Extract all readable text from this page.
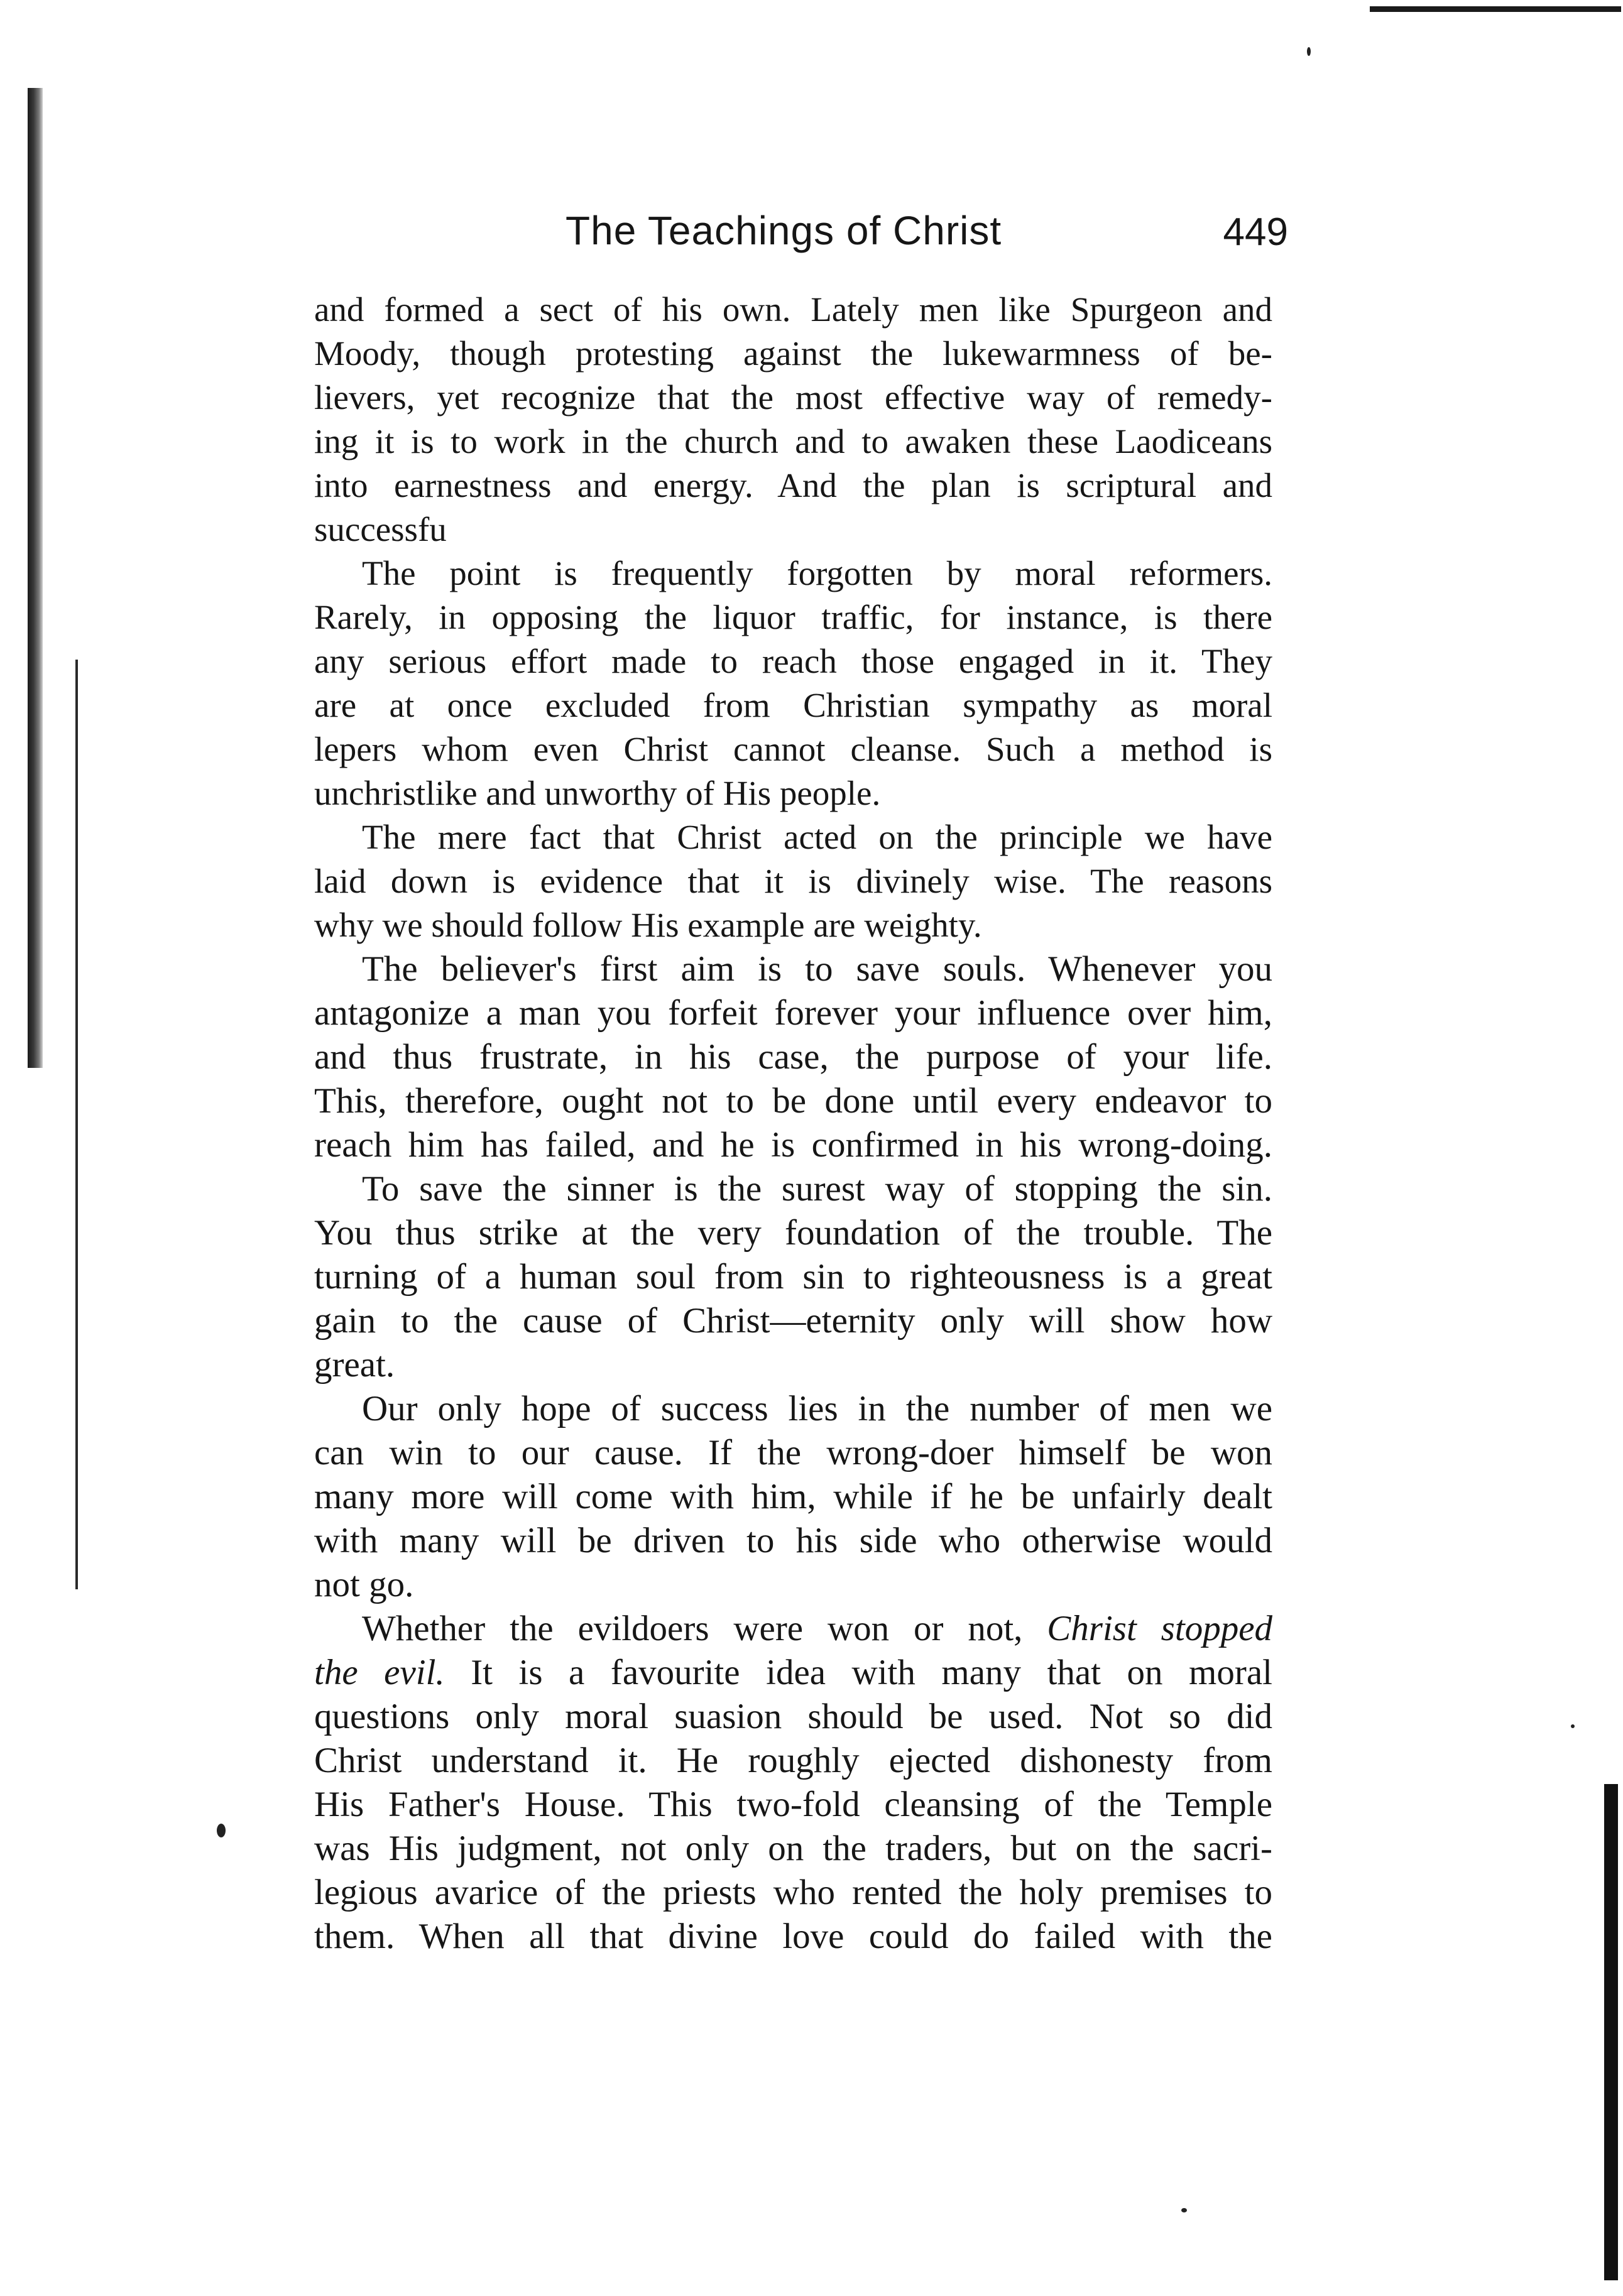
The Teachings of Christ	449
and formed a sect of his own. Lately men like Spurgeon and
Moody, though protesting against the lukewarmness of be-
lievers, yet recognize that the most effective way of remedy-
ing it is to work in the church and to awaken these Laodiceans
into earnestness and energy. And the plan is scriptural and
successfu
The point is frequently forgotten by moral reformers.
Rarely, in opposing the liquor traffic, for instance, is there
any serious effort made to reach those engaged in it. They
are at once excluded from Christian sympathy as moral
lepers whom even Christ cannot cleanse. Such a method is
unchristlike and unworthy of His people.
The mere fact that Christ acted on the principle we have
laid down is evidence that it is divinely wise. The reasons
why we should follow His example are weighty.
The believer's first aim is to save souls. Whenever you
antagonize a man you forfeit forever your influence over him,
and thus frustrate, in his case, the purpose of your life.
This, therefore, ought not to be done until every endeavor to
reach him has failed, and he is confirmed in his wrong-doing.
To save the sinner is the surest way of stopping the sin.
You thus strike at the very foundation of the trouble. The
turning of a human soul from sin to righteousness is a great
gain to the cause of Christ—eternity only will show how
great.
Our only hope of success lies in the number of men we
can win to our cause. If the wrong-doer himself be won
many more will come with him, while if he be unfairly dealt
with many will be driven to his side who otherwise would
not go.
Whether the evildoers were won or not, Christ stopped
the evil. It is a favourite idea with many that on moral
questions only moral suasion should be used. Not so did
Christ understand it. He roughly ejected dishonesty from
His Father's House. This two-fold cleansing of the Temple
was His judgment, not only on the traders, but on the sacri-
legious avarice of the priests who rented the holy premises to
them. When all that divine love could do failed with the
